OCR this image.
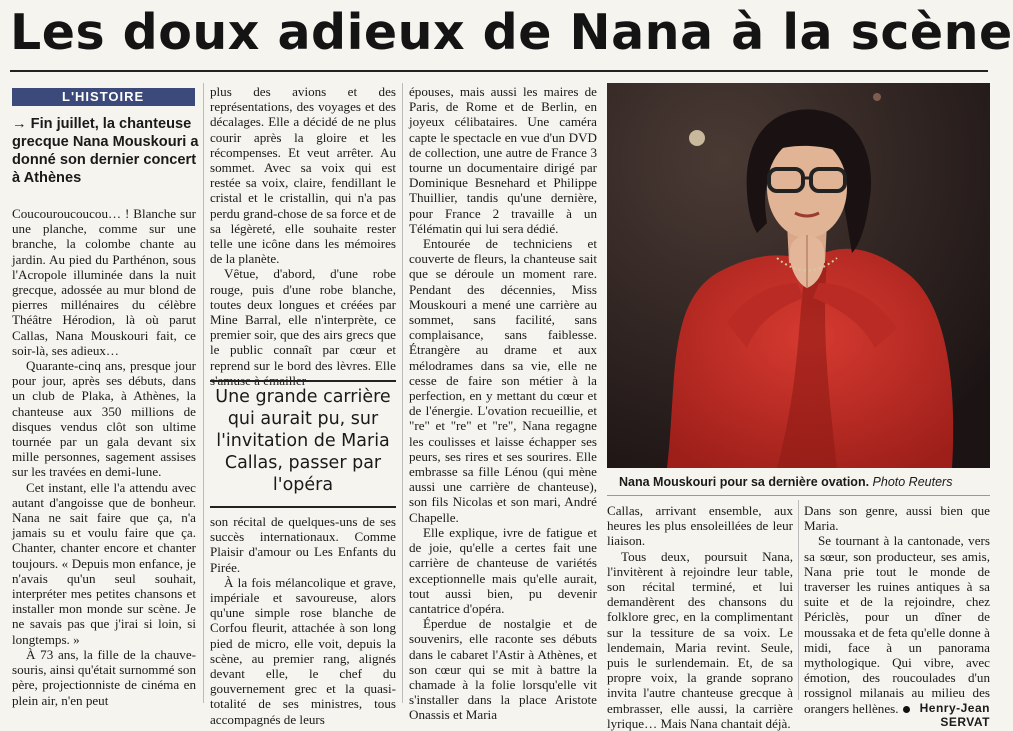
Les doux adieux de Nana à la scène
L'HISTOIRE
→ Fin juillet, la chanteuse grecque Nana Mouskouri a donné son dernier concert à Athènes

Coucouroucoucou… ! Blanche sur une planche, comme sur une branche, la colombe chante au jardin. Au pied du Parthénon, sous l'Acropole illuminée dans la nuit grecque, adossée au mur blond de pierres millénaires du célèbre Théâtre Hérodion, là où parut Callas, Nana Mouskouri fait, ce soir-là, ses adieux…

Quarante-cinq ans, presque jour pour jour, après ses débuts, dans un club de Plaka, à Athènes, la chanteuse aux 350 millions de disques vendus clôt son ultime tournée par un gala devant six mille personnes, sagement assises sur les travées en demi-lune.

Cet instant, elle l'a attendu avec autant d'angoisse que de bonheur. Nana ne sait faire que ça, n'a jamais su et voulu faire que ça. Chanter, chanter encore et chanter toujours. « Depuis mon enfance, je n'avais qu'un seul souhait, interpréter mes petites chansons et installer mon monde sur scène. Je ne savais pas que j'irai si loin, si longtemps. »

À 73 ans, la fille de la chauve-souris, ainsi qu'était surnommé son père, projectionniste de cinéma en plein air, n'en peut

plus des avions et des représentations, des voyages et des décalages. Elle a décidé de ne plus courir après la gloire et les récompenses. Et veut arrêter. Au sommet. Avec sa voix qui est restée sa voix, claire, fendillant le cristal et le cristallin, qui n'a pas perdu grand-chose de sa force et de sa légèreté, elle souhaite rester telle une icône dans les mémoires de la planète.

Vêtue, d'abord, d'une robe rouge, puis d'une robe blanche, toutes deux longues et créées par Mine Barral, elle n'interprète, ce premier soir, que des airs grecs que le public connaît par cœur et reprend sur le bord des lèvres. Elle s'amuse à émailler

Une grande carrière qui aurait pu, sur l'invitation de Maria Callas, passer par l'opéra

son récital de quelques-uns de ses succès internationaux. Comme Plaisir d'amour ou Les Enfants du Pirée.

À la fois mélancolique et grave, impériale et savoureuse, alors qu'une simple rose blanche de Corfou fleurit, attachée à son long pied de micro, elle voit, depuis la scène, au premier rang, alignés devant elle, le chef du gouvernement grec et la quasi-totalité de ses ministres, tous accompagnés de leurs

épouses, mais aussi les maires de Paris, de Rome et de Berlin, en joyeux célibataires. Une caméra capte le spectacle en vue d'un DVD de collection, une autre de France 3 tourne un documentaire dirigé par Dominique Besnehard et Philippe Thuillier, tandis qu'une dernière, pour France 2 travaille à un Télématin qui lui sera dédié.

Entourée de techniciens et couverte de fleurs, la chanteuse sait que se déroule un moment rare. Pendant des décennies, Miss Mouskouri a mené une carrière au sommet, sans facilité, sans complaisance, sans faiblesse. Étrangère au drame et aux mélodrames dans sa vie, elle ne cesse de faire son métier à la perfection, en y mettant du cœur et de l'énergie. L'ovation recueillie, et "re" et "re" et "re", Nana regagne les coulisses et laisse échapper ses peurs, ses rires et ses sourires. Elle embrasse sa fille Lénou (qui mène aussi une carrière de chanteuse), son fils Nicolas et son mari, André Chapelle.

Elle explique, ivre de fatigue et de joie, qu'elle a certes fait une carrière de chanteuse de variétés exceptionnelle mais qu'elle aurait, tout aussi bien, pu devenir cantatrice d'opéra.

Éperdue de nostalgie et de souvenirs, elle raconte ses débuts dans le cabaret l'Astir à Athènes, et son cœur qui se mit à battre la chamade à la folie lorsqu'elle vit s'installer dans la place Aristote Onassis et Maria

Nana Mouskouri pour sa dernière ovation. Photo Reuters

Callas, arrivant ensemble, aux heures les plus ensoleillées de leur liaison.

Tous deux, poursuit Nana, l'invitèrent à rejoindre leur table, son récital terminé, et lui demandèrent des chansons du folklore grec, en la complimentant sur la tessiture de sa voix. Le lendemain, Maria revint. Seule, puis le surlendemain. Et, de sa propre voix, la grande soprano invita l'autre chanteuse grecque à embrasser, elle aussi, la carrière lyrique… Mais Nana chantait déjà.

Dans son genre, aussi bien que Maria.

Se tournant à la cantonade, vers sa sœur, son producteur, ses amis, Nana prie tout le monde de traverser les ruines antiques à sa suite et de la rejoindre, chez Périclès, pour un dîner de moussaka et de feta qu'elle donne à midi, face à un panorama mythologique. Qui vibre, avec émotion, des roucoulades d'un rossignol milanais au milieu des orangers hellènes.	Henry-Jean SERVAT
